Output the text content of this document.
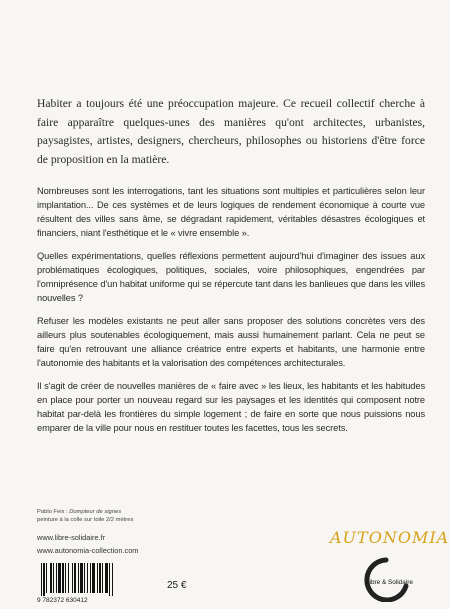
Habiter a toujours été une préoccupation majeure. Ce recueil collectif cherche à faire apparaître quelques-unes des manières qu'ont architectes, urbanistes, paysagistes, artistes, designers, chercheurs, philosophes ou historiens d'être force de proposition en la matière.

Nombreuses sont les interrogations, tant les situations sont multiples et particulières selon leur implantation... De ces systèmes et de leurs logiques de rendement économique à courte vue résultent des villes sans âme, se dégradant rapidement, véritables désastres écologiques et financiers, niant l'esthétique et le « vivre ensemble ».

Quelles expérimentations, quelles réflexions permettent aujourd'hui d'imaginer des issues aux problématiques écologiques, politiques, sociales, voire philosophiques, engendrées par l'omniprésence d'un habitat uniforme qui se répercute tant dans les banlieues que dans les villes nouvelles ?

Refuser les modèles existants ne peut aller sans proposer des solutions concrètes vers des ailleurs plus soutenables écologiquement, mais aussi humainement parlant. Cela ne peut se faire qu'en retrouvant une alliance créatrice entre experts et habitants, une harmonie entre l'autonomie des habitants et la valorisation des compétences architecturales.

Il s'agit de créer de nouvelles manières de « faire avec » les lieux, les habitants et les habitudes en place pour porter un nouveau regard sur les paysages et les identités qui composent notre habitat par-delà les frontières du simple logement ; de faire en sorte que nous puissions nous emparer de la ville pour nous en restituer toutes les facettes, tous les secrets.

Pablo Feix : Dompteur de signes
peinture à la colle sur toile 2/2 mètres
www.libre-solidaire.fr
www.autonomia-collection.com
9 782372 630412
25 €
AUTONOMIA
Libre & Solidaire
